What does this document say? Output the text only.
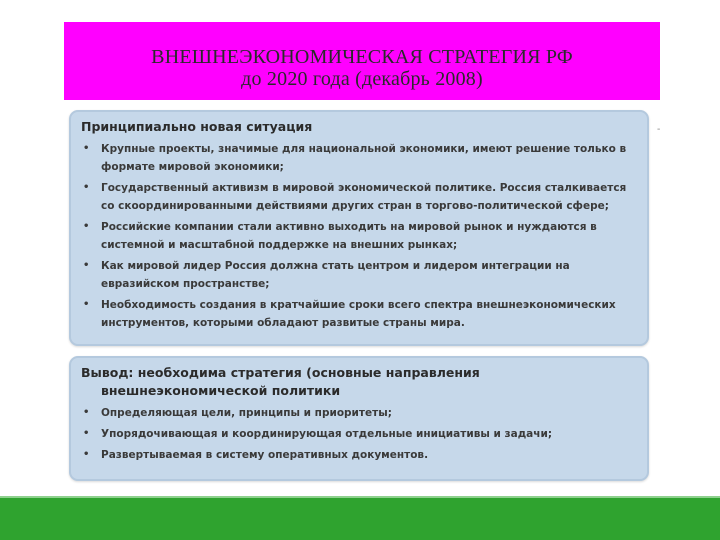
ВНЕШНЕЭКОНОМИЧЕСКАЯ СТРАТЕГИЯ РФ
до 2020 года (декабрь 2008)
-
Принципиально новая ситуация
• Крупные проекты, значимые для национальной экономики, имеют решение только в формате мировой экономики;
• Государственный активизм в мировой экономической политике. Россия сталкивается со скоординированными действиями других стран в торгово-политической сфере;
• Российские компании стали активно выходить на мировой рынок и нуждаются в системной и масштабной поддержке на внешних рынках;
• Как мировой лидер Россия должна стать центром и лидером интеграции на евразийском пространстве;
• Необходимость создания в кратчайшие сроки всего спектра внешнеэкономических инструментов, которыми обладают развитые страны мира.
Вывод: необходима стратегия (основные направления
внешнеэкономической политики
• Определяющая цели, принципы и приоритеты;
• Упорядочивающая и координирующая отдельные инициативы и задачи;
• Развертываемая в систему оперативных документов.
